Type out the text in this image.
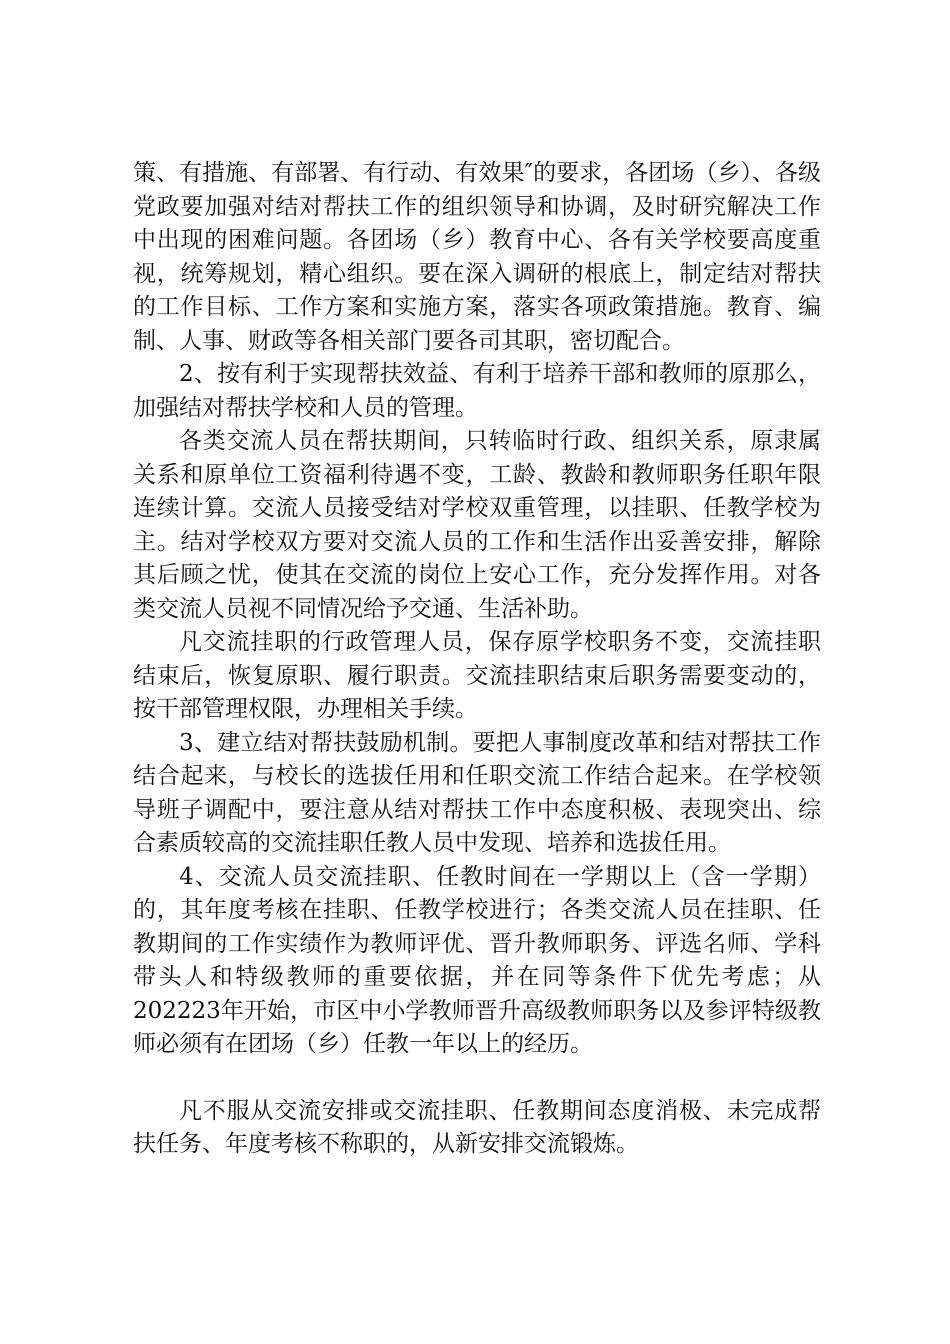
策、有措施、有部署、有行动、有效果″的要求，各团场（乡）、各级党政要加强对结对帮扶工作的组织领导和协调，及时研究解决工作中出现的困难问题。各团场（乡）教育中心、各有关学校要高度重视，统筹规划，精心组织。要在深入调研的根底上，制定结对帮扶的工作目标、工作方案和实施方案，落实各项政策措施。教育、编制、人事、财政等各相关部门要各司其职，密切配合。

2、按有利于实现帮扶效益、有利于培养干部和教师的原那么，加强结对帮扶学校和人员的管理。

各类交流人员在帮扶期间，只转临时行政、组织关系，原隶属关系和原单位工资福利待遇不变，工龄、教龄和教师职务任职年限连续计算。交流人员接受结对学校双重管理，以挂职、任教学校为主。结对学校双方要对交流人员的工作和生活作出妥善安排，解除其后顾之忧，使其在交流的岗位上安心工作，充分发挥作用。对各类交流人员视不同情况给予交通、生活补助。

凡交流挂职的行政管理人员，保存原学校职务不变，交流挂职结束后，恢复原职、履行职责。交流挂职结束后职务需要变动的，按干部管理权限，办理相关手续。

3、建立结对帮扶鼓励机制。要把人事制度改革和结对帮扶工作结合起来，与校长的选拔任用和任职交流工作结合起来。在学校领导班子调配中，要注意从结对帮扶工作中态度积极、表现突出、综合素质较高的交流挂职任教人员中发现、培养和选拔任用。

4、交流人员交流挂职、任教时间在一学期以上（含一学期）的，其年度考核在挂职、任教学校进行；各类交流人员在挂职、任教期间的工作实绩作为教师评优、晋升教师职务、评选名师、学科带头人和特级教师的重要依据，并在同等条件下优先考虑；从202223年开始，市区中小学教师晋升高级教师职务以及参评特级教师必须有在团场（乡）任教一年以上的经历。

凡不服从交流安排或交流挂职、任教期间态度消极、未完成帮扶任务、年度考核不称职的，从新安排交流锻炼。
